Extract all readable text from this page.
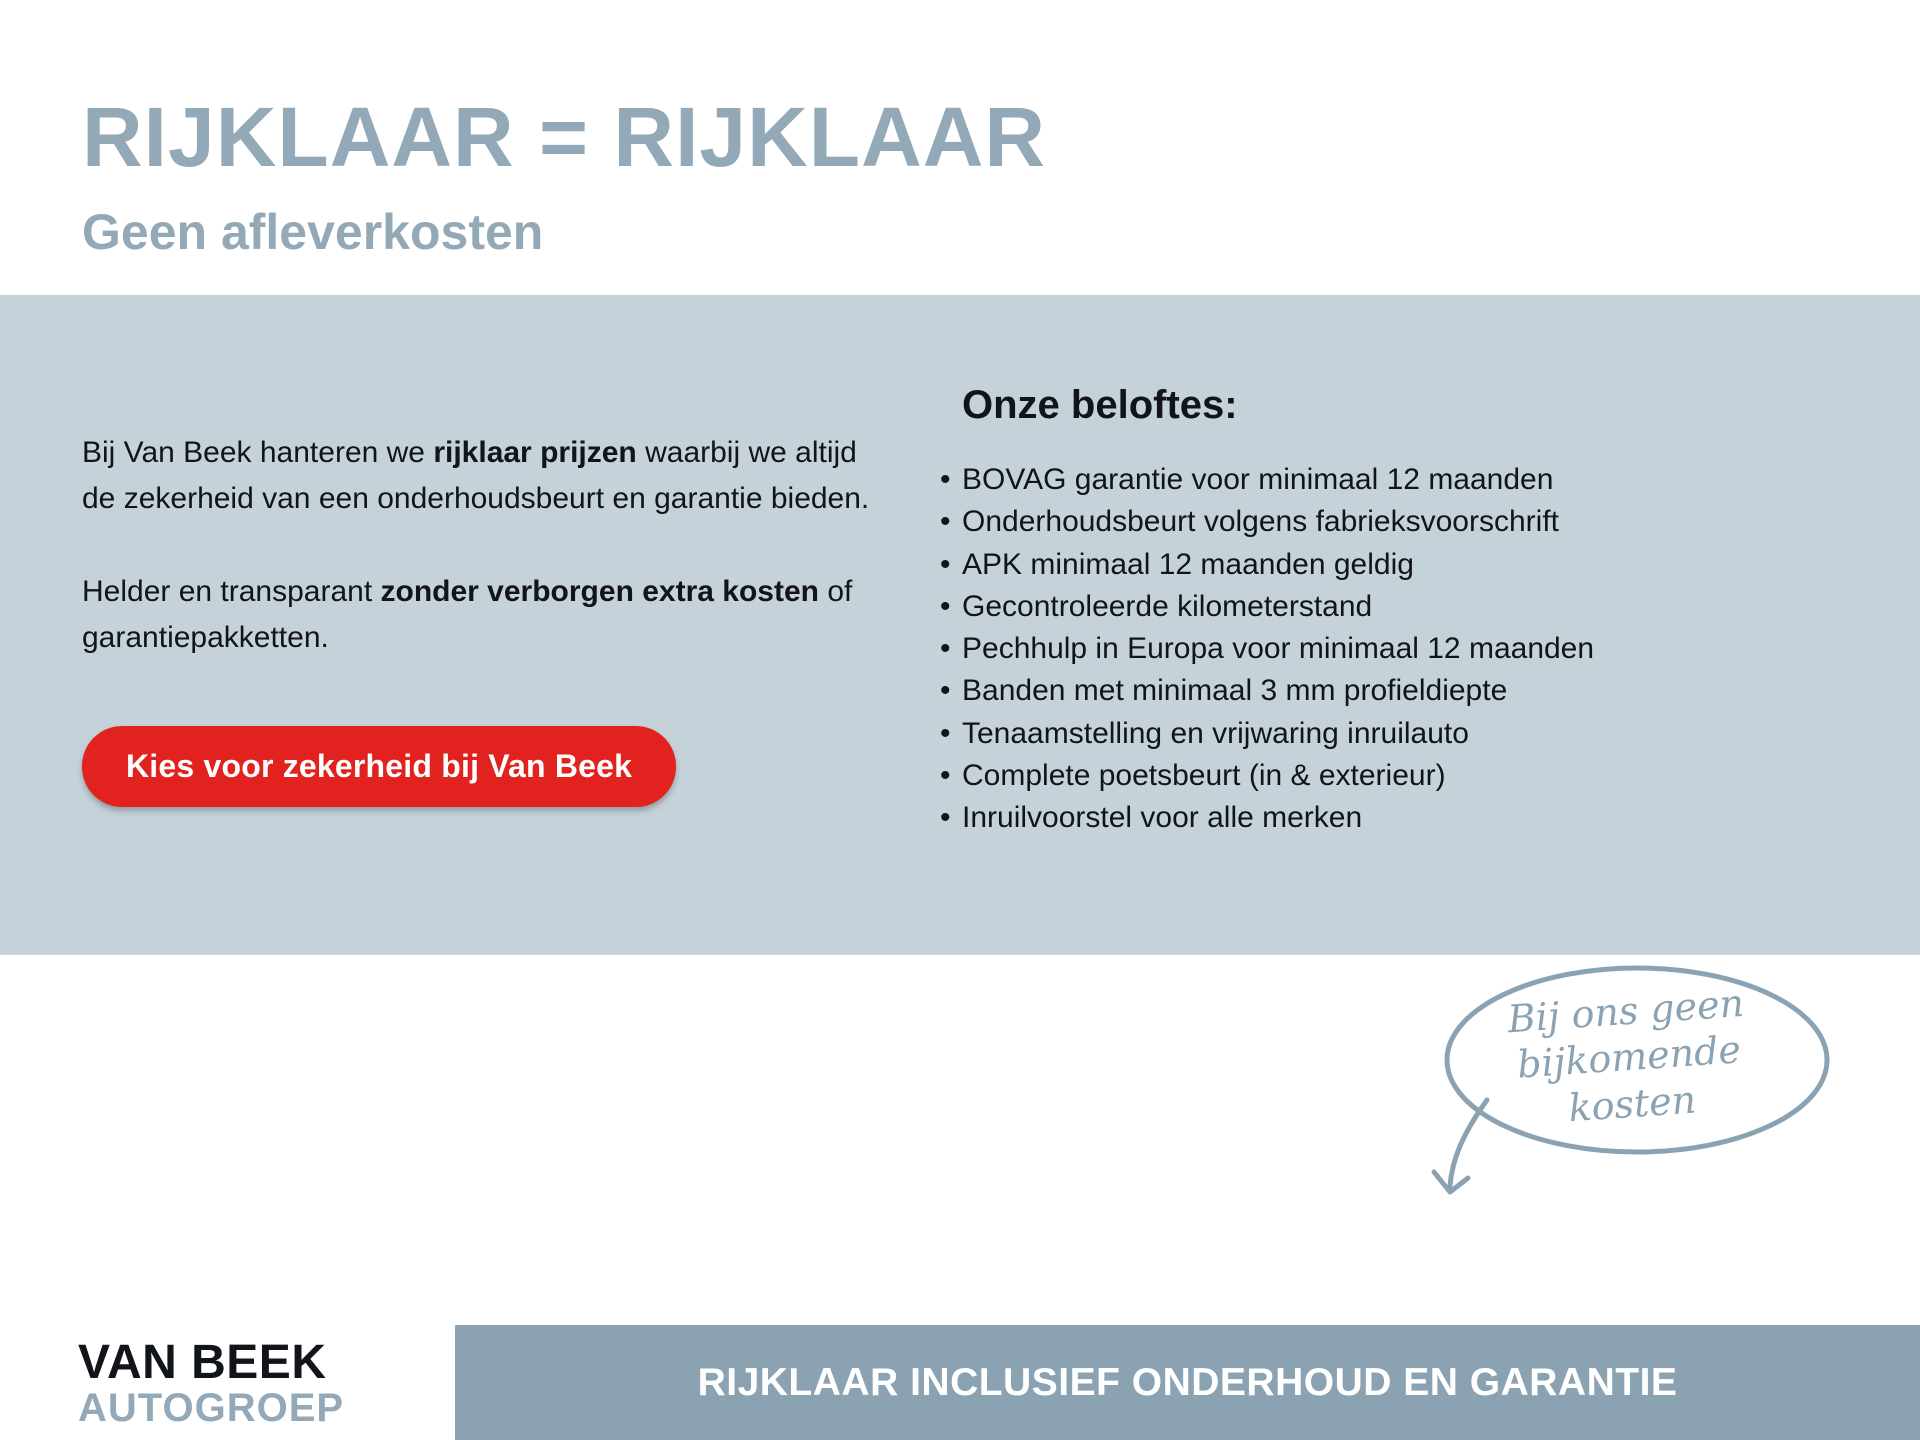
RIJKLAAR = RIJKLAAR
Geen afleverkosten

Bij Van Beek hanteren we rijklaar prijzen waarbij we altijd de zekerheid van een onderhoudsbeurt en garantie bieden.

Helder en transparant zonder verborgen extra kosten of garantiepakketten.

Kies voor zekerheid bij Van Beek
Onze beloftes:
• BOVAG garantie voor minimaal 12 maanden
• Onderhoudsbeurt volgens fabrieksvoorschrift
• APK minimaal 12 maanden geldig
• Gecontroleerde kilometerstand
• Pechhulp in Europa voor minimaal 12 maanden
• Banden met minimaal 3 mm profieldiepte
• Tenaamstelling en vrijwaring inruilauto
• Complete poetsbeurt (in & exterieur)
• Inruilvoorstel voor alle merken
Bij ons geen
bijkomende
kosten
VAN BEEK
AUTOGROEP
RIJKLAAR INCLUSIEF ONDERHOUD EN GARANTIE
